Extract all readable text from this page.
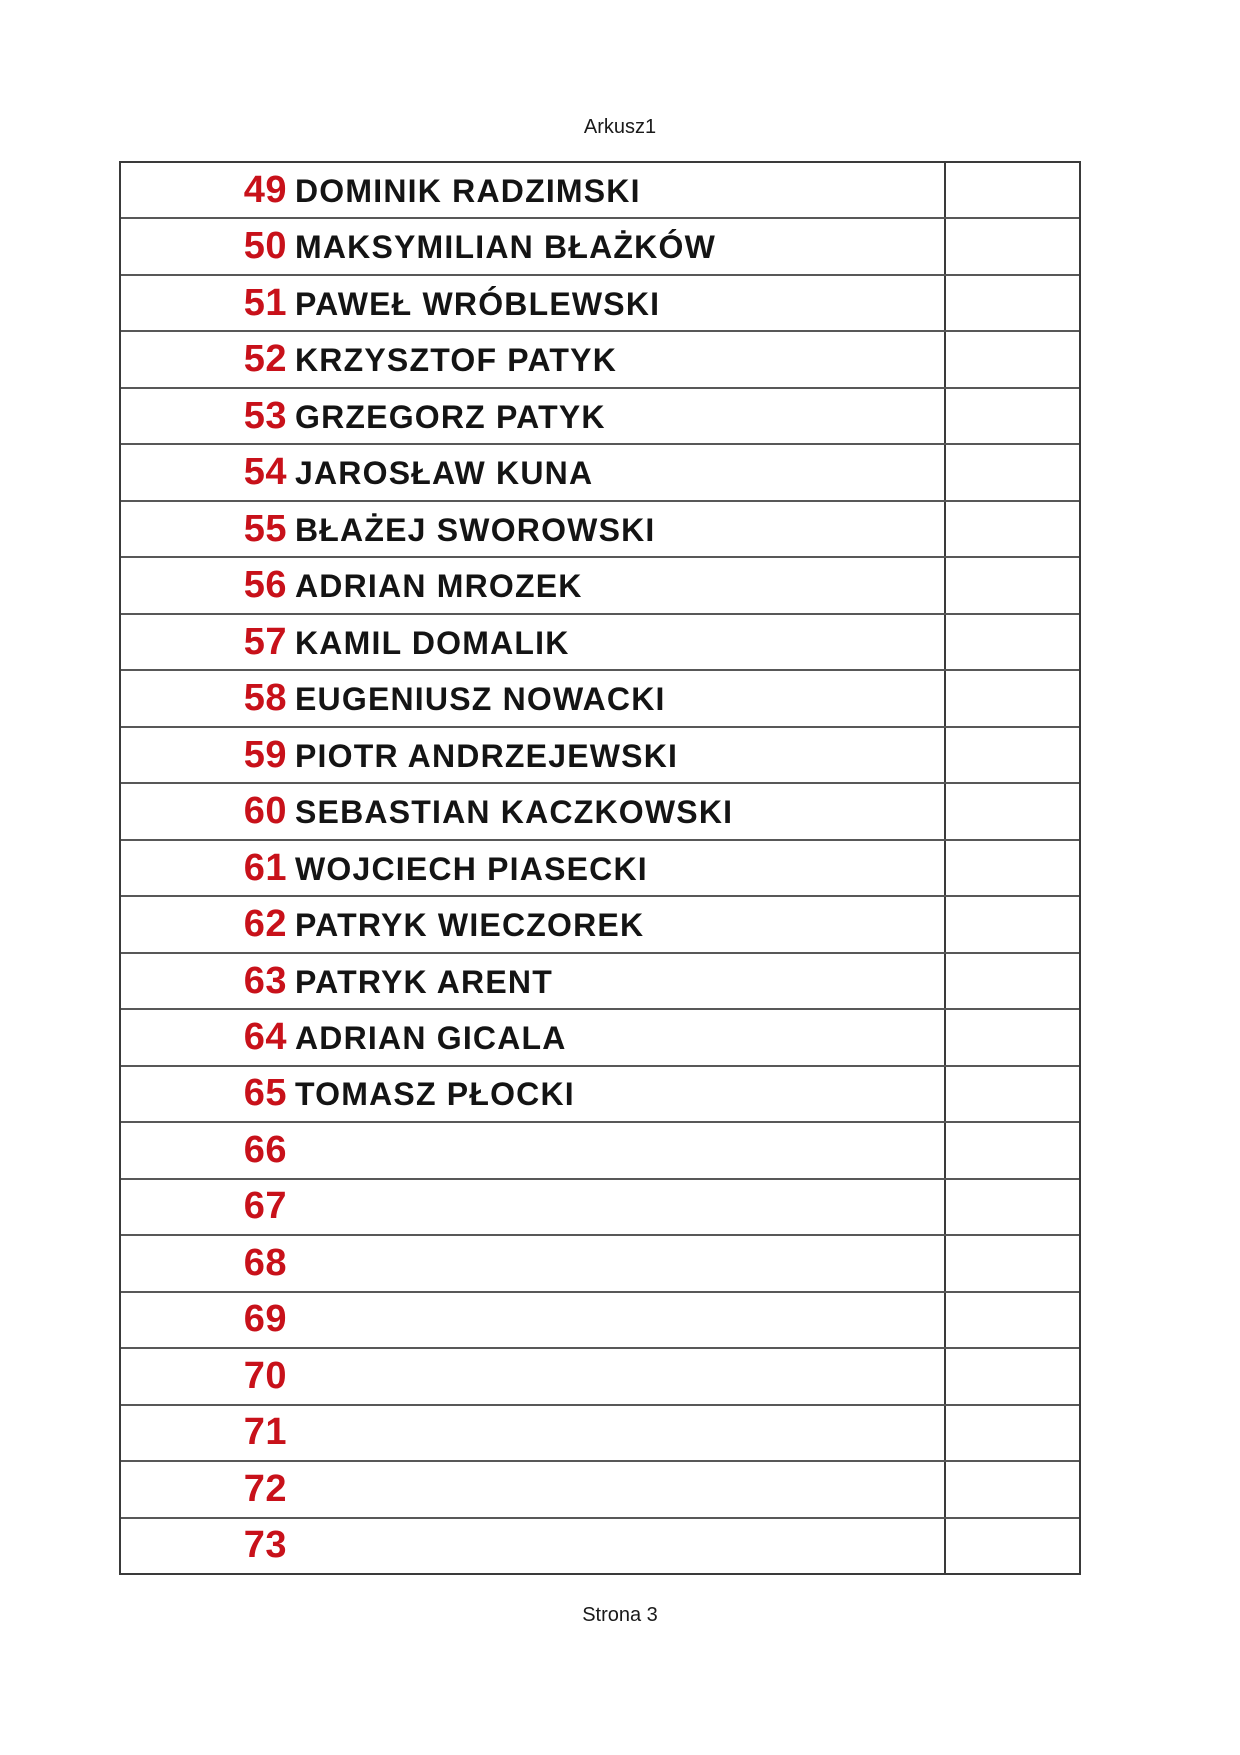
Arkusz1
49 DOMINIK RADZIMSKI
50 MAKSYMILIAN BŁAŻKÓW
51 PAWEŁ WRÓBLEWSKI
52 KRZYSZTOF PATYK
53 GRZEGORZ PATYK
54 JAROSŁAW KUNA
55 BŁAŻEJ SWOROWSKI
56 ADRIAN MROZEK
57 KAMIL DOMALIK
58 EUGENIUSZ NOWACKI
59 PIOTR ANDRZEJEWSKI
60 SEBASTIAN KACZKOWSKI
61 WOJCIECH PIASECKI
62 PATRYK WIECZOREK
63 PATRYK ARENT
64 ADRIAN GICALA
65 TOMASZ PŁOCKI
66
67
68
69
70
71
72
73
Strona 3
